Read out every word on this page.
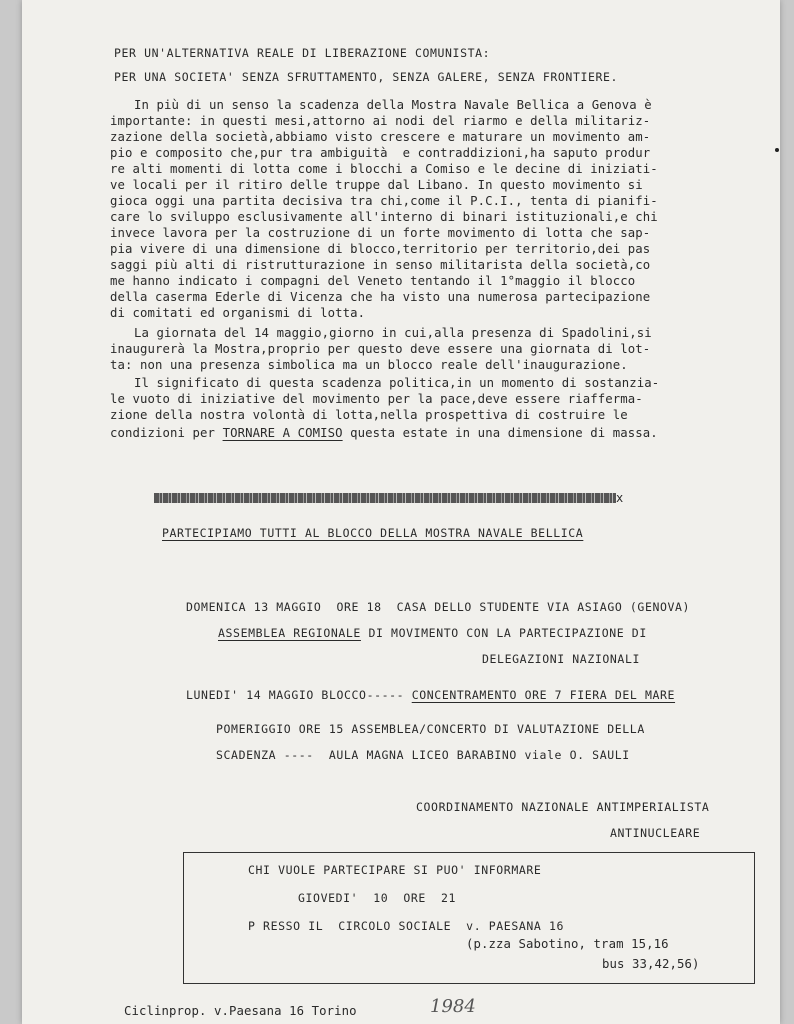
PER UN'ALTERNATIVA REALE DI LIBERAZIONE COMUNISTA:
PER UNA SOCIETA' SENZA SFRUTTAMENTO, SENZA GALERE, SENZA FRONTIERE.
In più di un senso la scadenza della Mostra Navale Bellica a Genova è
importante: in questi mesi,attorno ai nodi del riarmo e della militariz-
zazione della società,abbiamo visto crescere e maturare un movimento am-
pio e composito che,pur tra ambiguità  e contraddizioni,ha saputo produr
re alti momenti di lotta come i blocchi a Comiso e le decine di iniziati-
ve locali per il ritiro delle truppe dal Libano. In questo movimento si
gioca oggi una partita decisiva tra chi,come il P.C.I., tenta di pianifi-
care lo sviluppo esclusivamente all'interno di binari istituzionali,e chi
invece lavora per la costruzione di un forte movimento di lotta che sap-
pia vivere di una dimensione di blocco,territorio per territorio,dei pas
saggi più alti di ristrutturazione in senso militarista della società,co
me hanno indicato i compagni del Veneto tentando il 1°maggio il blocco
della caserma Ederle di Vicenza che ha visto una numerosa partecipazione
di comitati ed organismi di lotta.
La giornata del 14 maggio,giorno in cui,alla presenza di Spadolini,si
inaugurerà la Mostra,proprio per questo deve essere una giornata di lot-
ta: non una presenza simbolica ma un blocco reale dell'inaugurazione.
Il significato di questa scadenza politica,in un momento di sostanzia-
le vuoto di iniziative del movimento per la pace,deve essere riafferma-
zione della nostra volontà di lotta,nella prospettiva di costruire le
condizioni per TORNARE A COMISO questa estate in una dimensione di massa.
x
PARTECIPIAMO TUTTI AL BLOCCO DELLA MOSTRA NAVALE BELLICA
DOMENICA 13 MAGGIO  ORE 18  CASA DELLO STUDENTE VIA ASIAGO (GENOVA)
ASSEMBLEA REGIONALE DI MOVIMENTO CON LA PARTECIPAZIONE DI
DELEGAZIONI NAZIONALI
LUNEDI' 14 MAGGIO BLOCCO----- CONCENTRAMENTO ORE 7 FIERA DEL MARE
POMERIGGIO ORE 15 ASSEMBLEA/CONCERTO DI VALUTAZIONE DELLA
SCADENZA ----  AULA MAGNA LICEO BARABINO viale O. SAULI
COORDINAMENTO NAZIONALE ANTIMPERIALISTA
ANTINUCLEARE
CHI VUOLE PARTECIPARE SI PUO' INFORMARE
GIOVEDI'  10  ORE  21
P RESSO IL  CIRCOLO SOCIALE  v. PAESANA 16
(p.zza Sabotino, tram 15,16
bus 33,42,56)
Ciclinprop. v.Paesana 16 Torino	1984
